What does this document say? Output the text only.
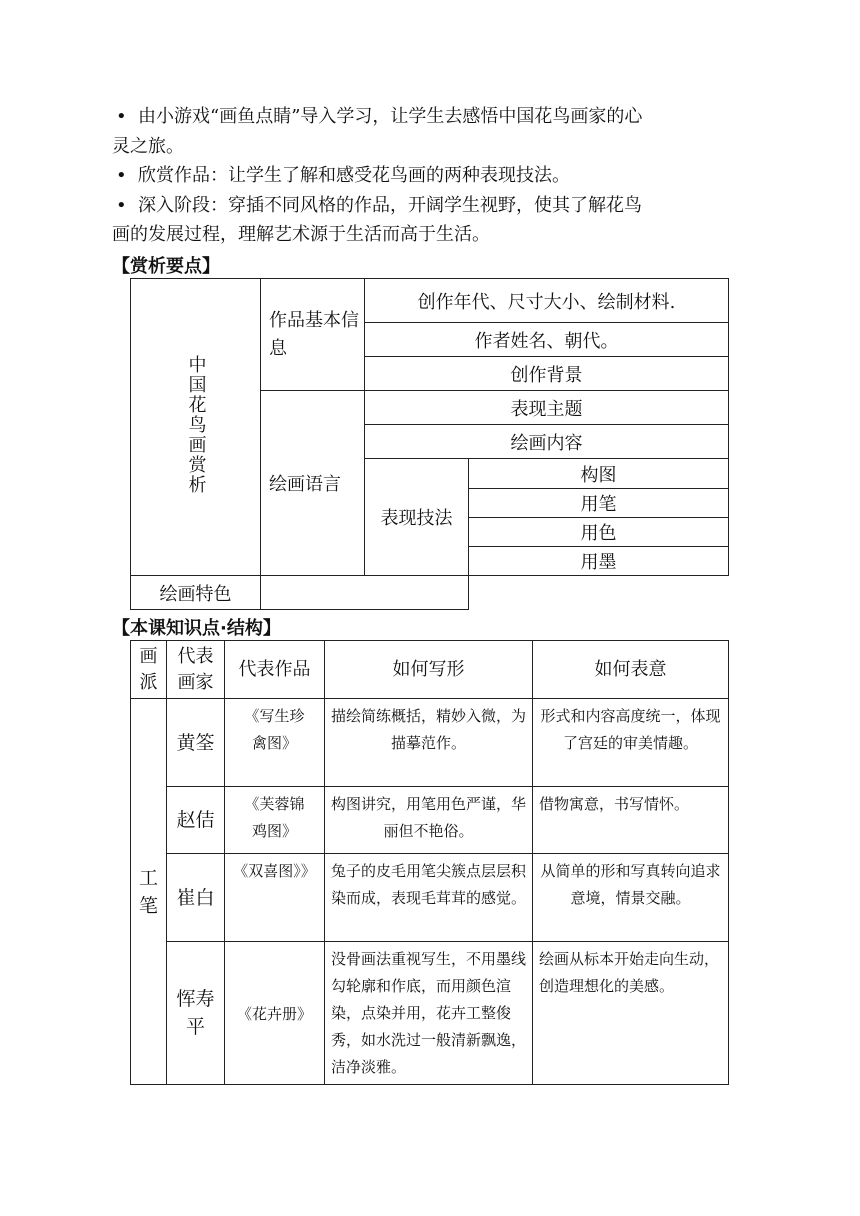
• 由小游戏“画鱼点睛”导入学习，让学生去感悟中国花鸟画家的心

灵之旅。

• 欣赏作品：让学生了解和感受花鸟画的两种表现技法。

• 深入阶段：穿插不同风格的作品，开阔学生视野，使其了解花鸟

画的发展过程，理解艺术源于生活而高于生活。

【赏析要点】
中国花鸟画赏析	作品基本信息	创作年代、尺寸大小、绘制材料.	
		作者姓名、朝代。	
		创作背景	
	绘画语言	表现主题	
		绘画内容	
		表现技法	构图
			用笔
			用色
			用墨
绘画特色			
【本课知识点·结构】
画派	代表画家	代表作品	如何写形	如何表意

工笔	黄筌	《写生珍禽图》	描绘简练概括，精妙入微，为描摹范作。	形式和内容高度统一，体现了宫廷的审美情趣。
	赵佶	《芙蓉锦鸡图》	构图讲究，用笔用色严谨，华丽但不艳俗。	借物寓意，书写情怀。
	崔白	《双喜图》》	兔子的皮毛用笔尖簇点层层积染而成，表现毛茸茸的感觉。	从简单的形和写真转向追求意境，情景交融。

	恽寿平	《花卉册》	没骨画法重视写生，不用墨线勾轮廓和作底，而用颜色渲染，点染并用，花卉工整俊秀，如水洗过一般清新飘逸，洁净淡雅。	绘画从标本开始走向生动，创造理想化的美感。
